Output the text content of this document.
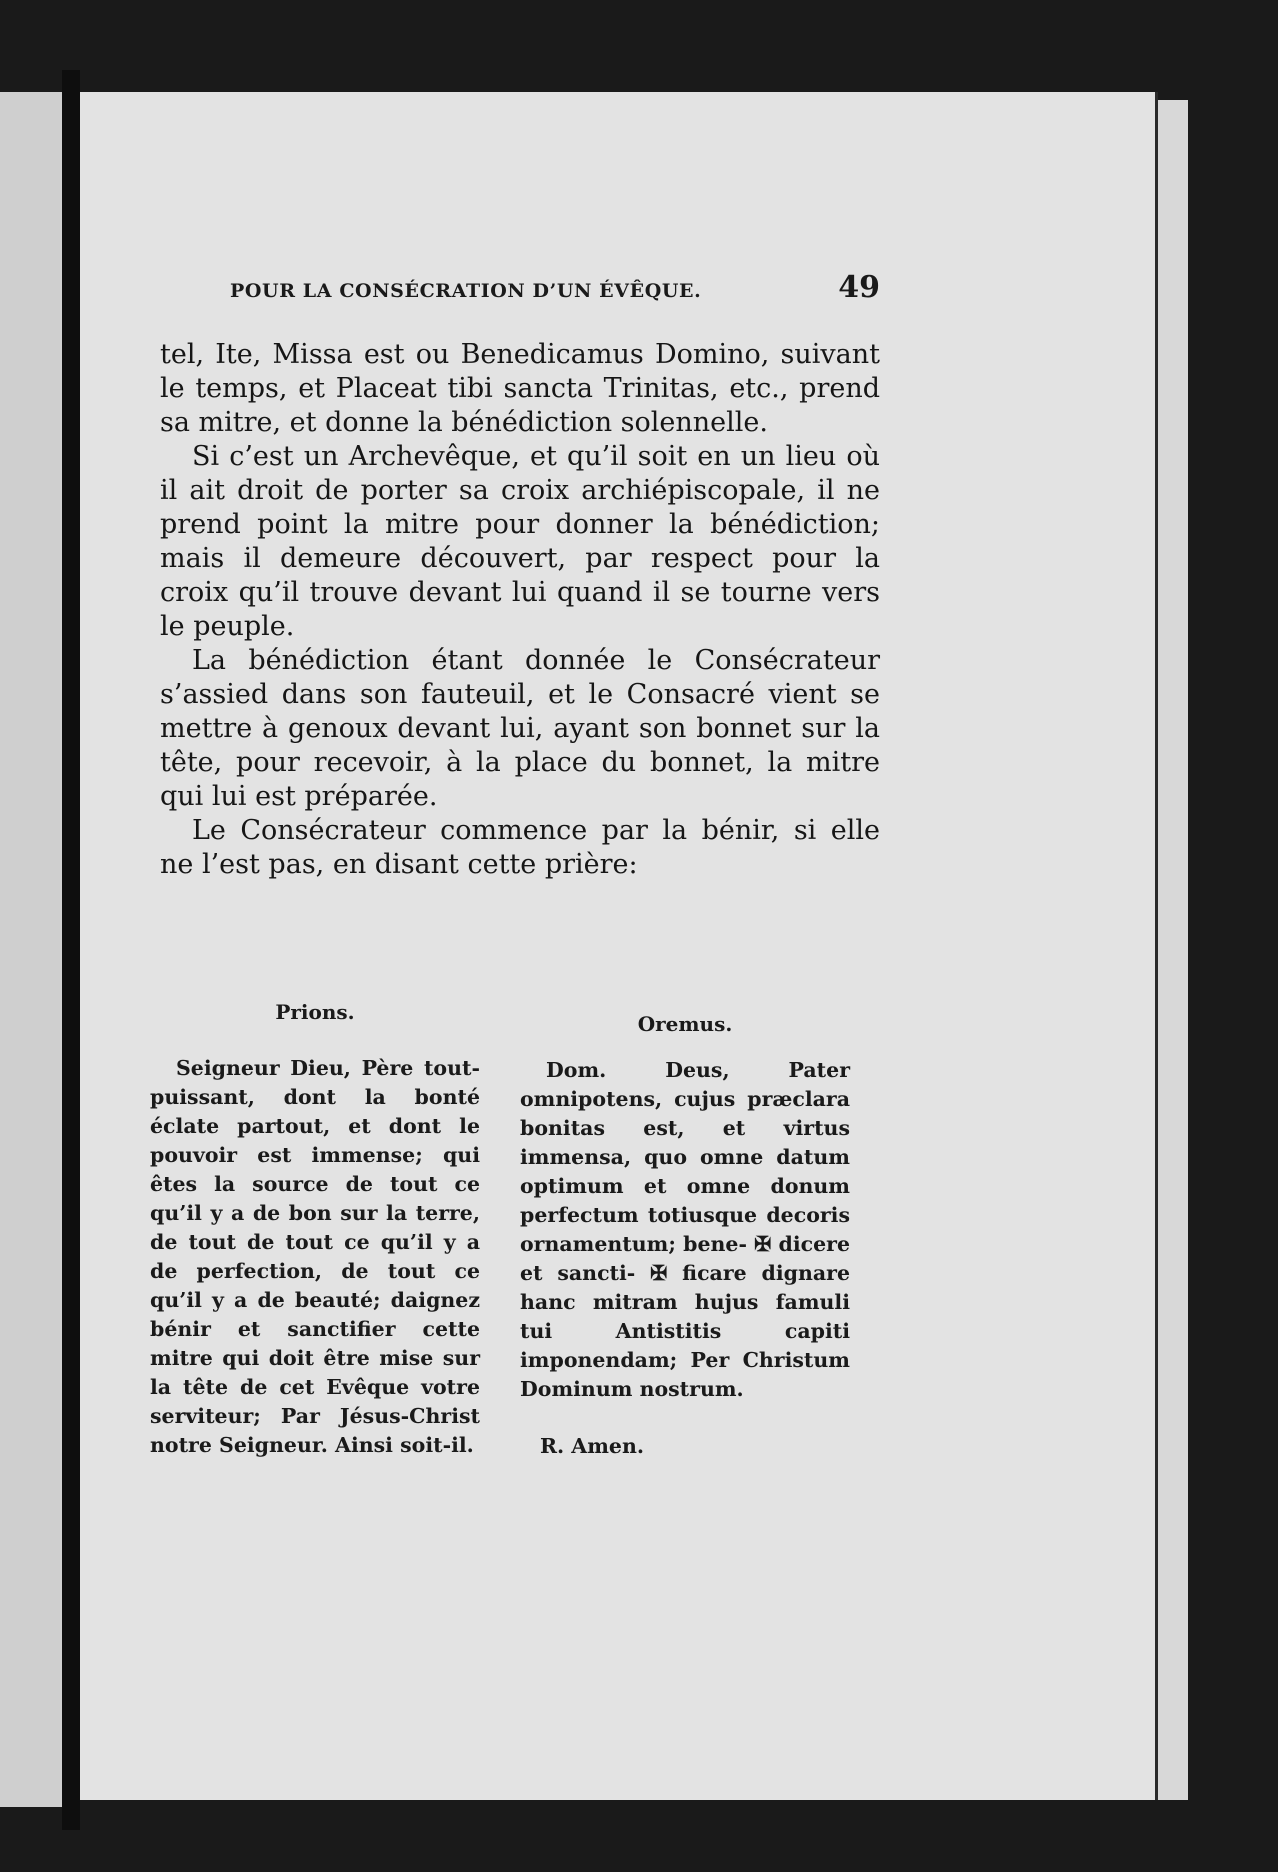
POUR LA CONSÉCRATION D’UN ÉVÊQUE.	49

tel, Ite, Missa est ou Benedicamus Domino, suivant le temps, et Placeat tibi sancta Trinitas, etc., prend sa mitre, et donne la bénédiction solennelle.

Si c’est un Archevêque, et qu’il soit en un lieu où il ait droit de porter sa croix archiépiscopale, il ne prend point la mitre pour donner la bénédiction; mais il demeure découvert, par respect pour la croix qu’il trouve devant lui quand il se tourne vers le peuple.

La bénédiction étant donnée le Consécrateur s’assied dans son fauteuil, et le Consacré vient se mettre à genoux devant lui, ayant son bonnet sur la tête, pour recevoir, à la place du bonnet, la mitre qui lui est préparée.

Le Consécrateur commence par la bénir, si elle ne l’est pas, en disant cette prière:

Prions.

Seigneur Dieu, Père tout-puissant, dont la bonté éclate partout, et dont le pouvoir est immense; qui êtes la source de tout ce qu’il y a de bon sur la terre, de tout de tout ce qu’il y a de perfection, de tout ce qu’il y a de beauté; daignez bénir et sanctifier cette mitre qui doit être mise sur la tête de cet Evêque votre serviteur; Par Jésus-Christ notre Seigneur. Ainsi soit-il.

Oremus.

Dom. Deus, Pater omnipotens, cujus præclara bonitas est, et virtus immensa, quo omne datum optimum et omne donum perfectum totiusque decoris ornamentum; bene- ✠ dicere et sancti- ✠ ficare dignare hanc mitram hujus famuli tui Antistitis capiti imponendam; Per Christum Dominum nostrum.

R. Amen.
